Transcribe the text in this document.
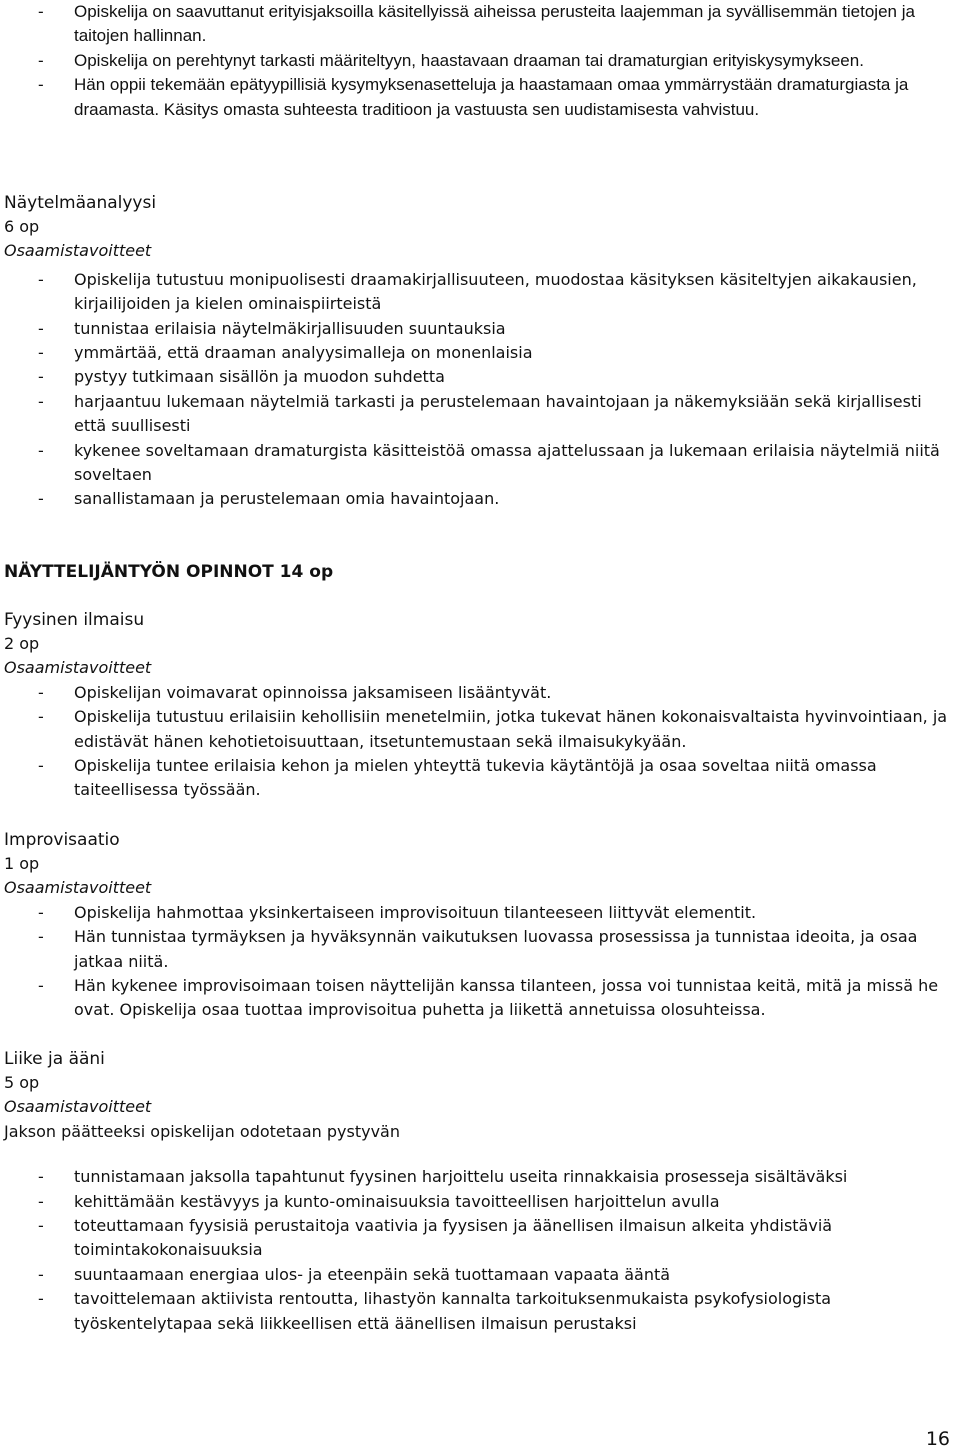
- Opiskelija on saavuttanut erityisjaksoilla käsitellyissä aiheissa perusteita laajemman ja syvällisemmän tietojen ja taitojen hallinnan.
- Opiskelija on perehtynyt tarkasti määriteltyyn, haastavaan draaman tai dramaturgian erityiskysymykseen.
- Hän oppii tekemään epätyypillisiä kysymyksenasetteluja ja haastamaan omaa ymmärrystään dramaturgiasta ja draamasta. Käsitys omasta suhteesta traditioon ja vastuusta sen uudistamisesta vahvistuu.

Näytelmäanalyysi

6 op

Osaamistavoitteet

- Opiskelija tutustuu monipuolisesti draamakirjallisuuteen, muodostaa käsityksen käsiteltyjen aikakausien, kirjailijoiden ja kielen ominaispiirteistä
- tunnistaa erilaisia näytelmäkirjallisuuden suuntauksia
- ymmärtää, että draaman analyysimalleja on monenlaisia
- pystyy tutkimaan sisällön ja muodon suhdetta
- harjaantuu lukemaan näytelmiä tarkasti ja perustelemaan havaintojaan ja näkemyksiään sekä kirjallisesti että suullisesti
- kykenee soveltamaan dramaturgista käsitteistöä omassa ajattelussaan ja lukemaan erilaisia näytelmiä niitä soveltaen
- sanallistamaan ja perustelemaan omia havaintojaan.

NÄYTTELIJÄNTYÖN OPINNOT 14 op

Fyysinen ilmaisu

2 op

Osaamistavoitteet

- Opiskelijan voimavarat opinnoissa jaksamiseen lisääntyvät.
- Opiskelija tutustuu erilaisiin kehollisiin menetelmiin, jotka tukevat hänen kokonaisvaltaista hyvinvointiaan, ja edistävät hänen kehotietoisuuttaan, itsetuntemustaan sekä ilmaisukykyään.
- Opiskelija tuntee erilaisia kehon ja mielen yhteyttä tukevia käytäntöjä ja osaa soveltaa niitä omassa taiteellisessa työssään.

Improvisaatio

1 op

Osaamistavoitteet

- Opiskelija hahmottaa yksinkertaiseen improvisoituun tilanteeseen liittyvät elementit.
- Hän tunnistaa tyrmäyksen ja hyväksynnän vaikutuksen luovassa prosessissa ja tunnistaa ideoita, ja osaa jatkaa niitä.
- Hän kykenee improvisoimaan toisen näyttelijän kanssa tilanteen, jossa voi tunnistaa keitä, mitä ja missä he ovat. Opiskelija osaa tuottaa improvisoitua puhetta ja liikettä annetuissa olosuhteissa.

Liike ja ääni

5 op

Osaamistavoitteet

Jakson päätteeksi opiskelijan odotetaan pystyvän

- tunnistamaan jaksolla tapahtunut fyysinen harjoittelu useita rinnakkaisia prosesseja sisältäväksi
- kehittämään kestävyys ja kunto-ominaisuuksia tavoitteellisen harjoittelun avulla
- toteuttamaan fyysisiä perustaitoja vaativia ja fyysisen ja äänellisen ilmaisun alkeita yhdistäviä toimintakokonaisuuksia
- suuntaamaan energiaa ulos- ja eteenpäin sekä tuottamaan vapaata ääntä
- tavoittelemaan aktiivista rentoutta, lihastyön kannalta tarkoituksenmukaista psykofysiologista työskentelytapaa sekä liikkeellisen että äänellisen ilmaisun perustaksi
16
